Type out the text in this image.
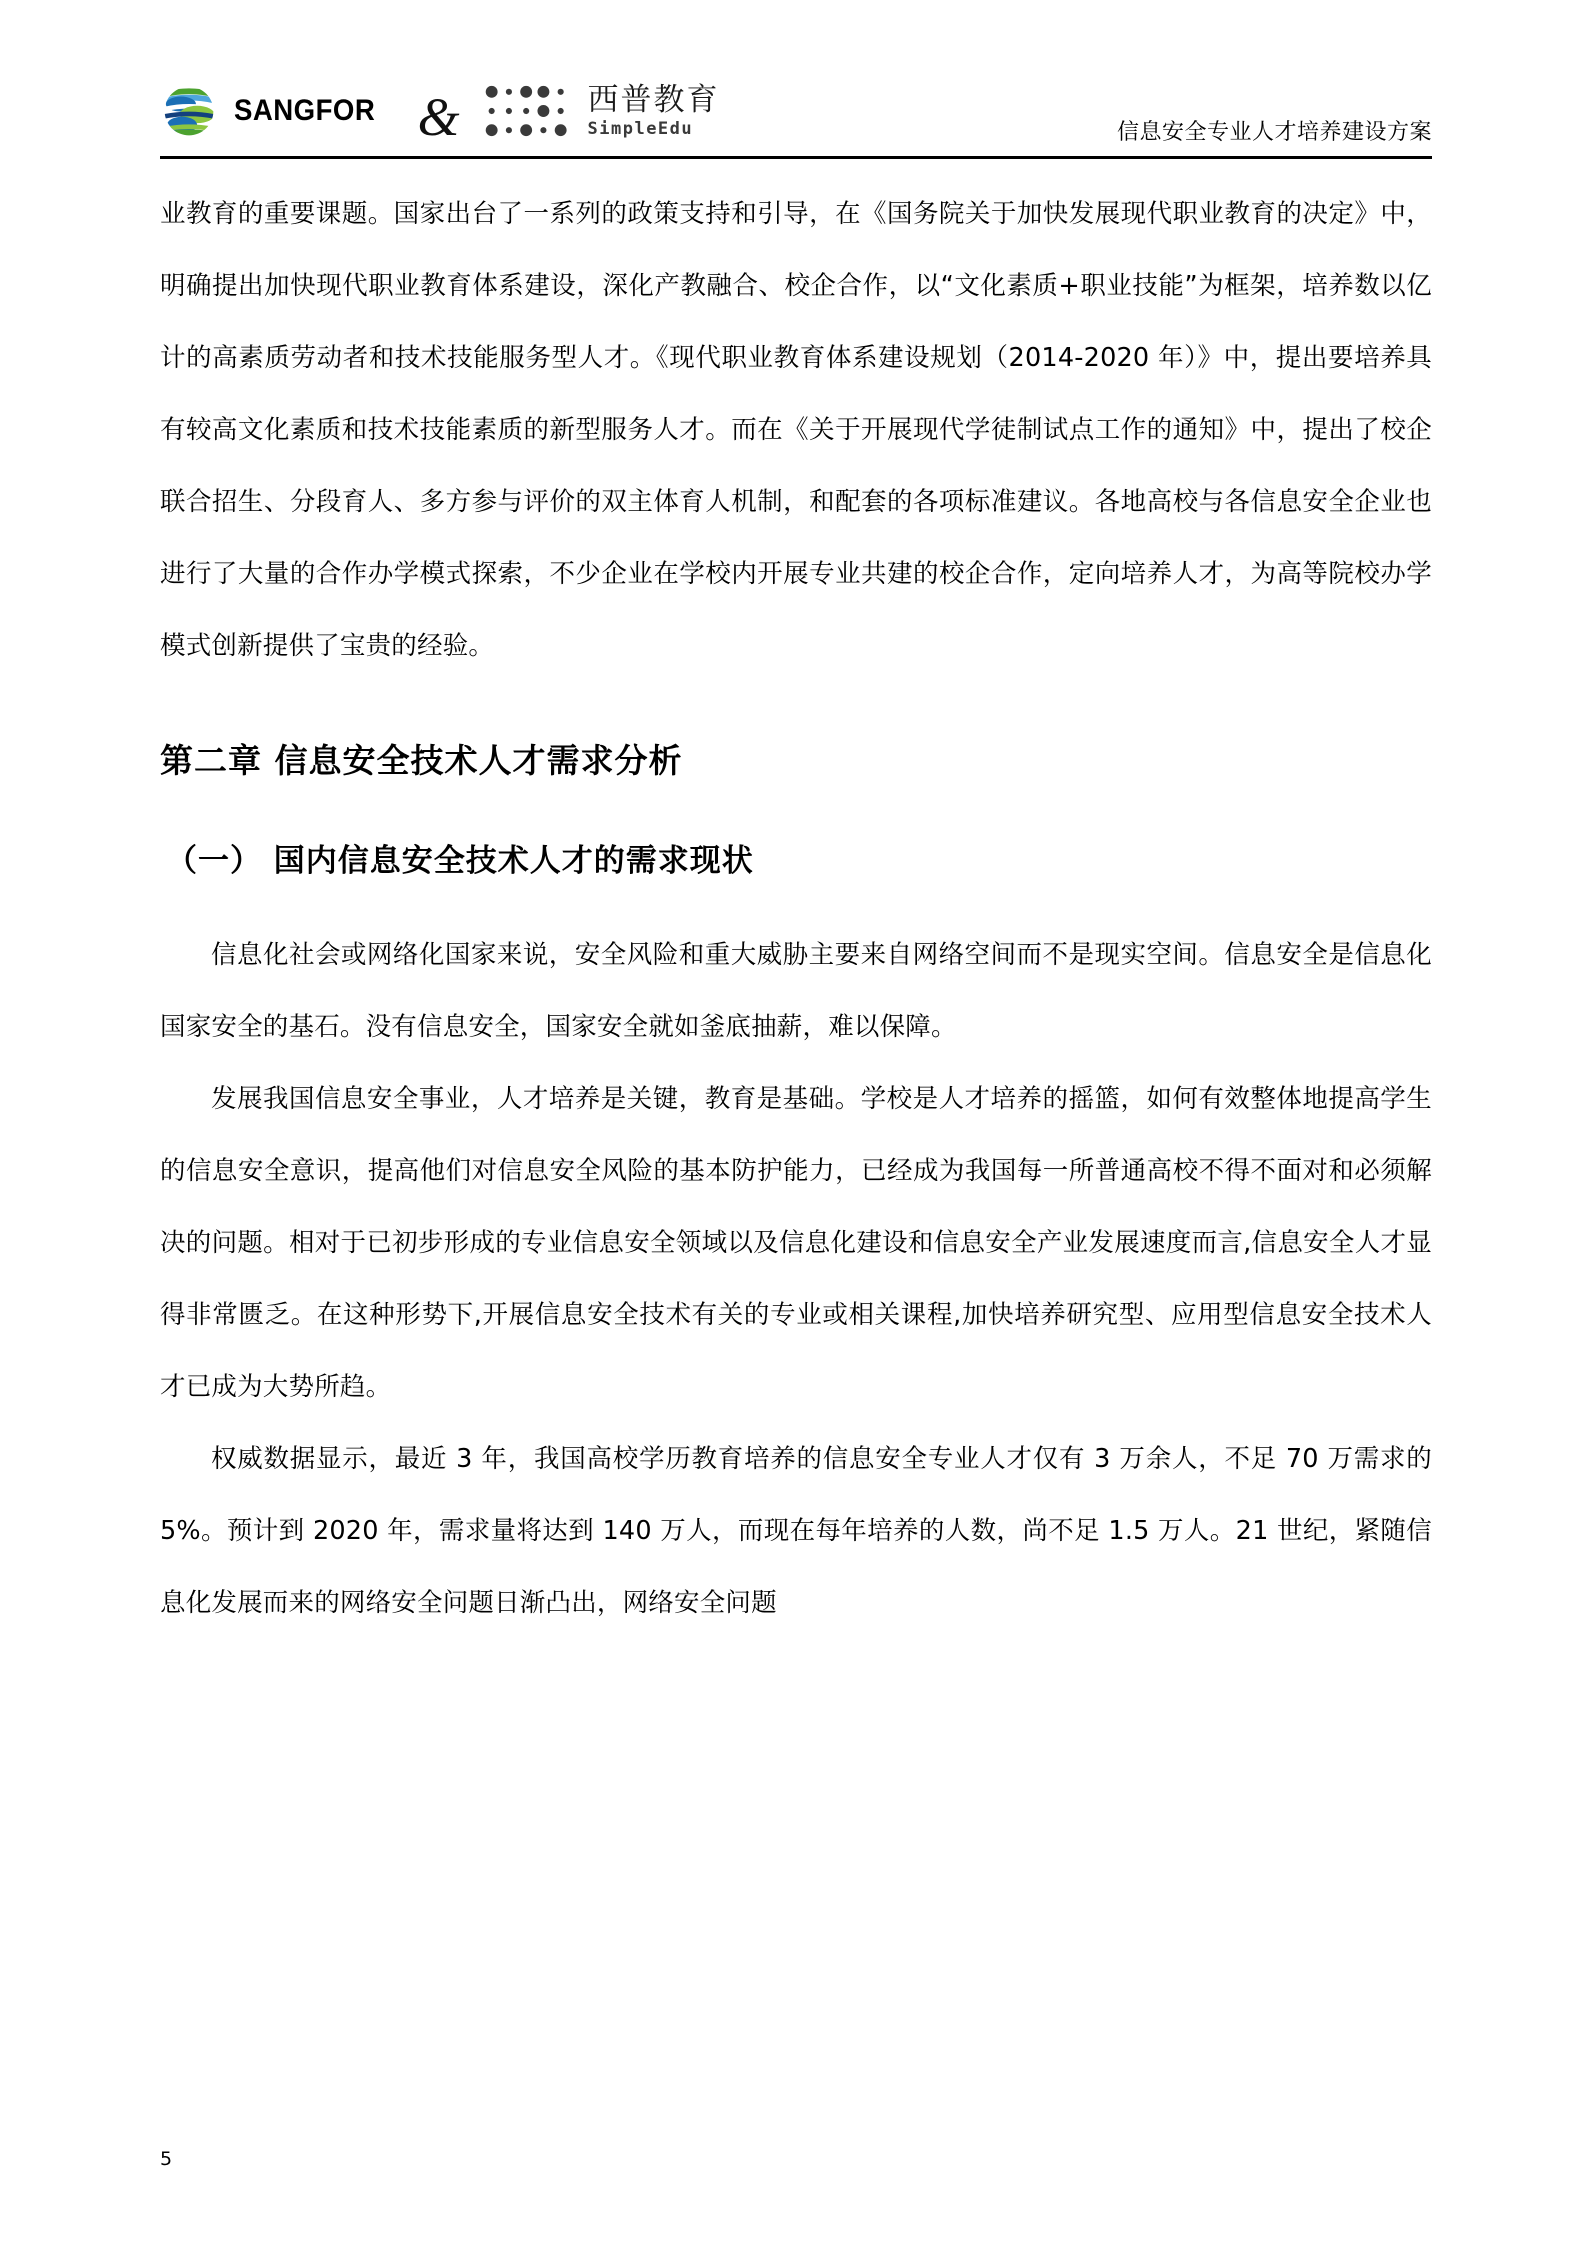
SANGFOR &	西普教育
SimpleEdu	信息安全专业人才培养建设方案

业教育的重要课题。国家出台了一系列的政策支持和引导，在《国务院关于加快发展现代职业教育的决定》中，明确提出加快现代职业教育体系建设，深化产教融合、校企合作，以“文化素质+职业技能”为框架，培养数以亿计的高素质劳动者和技术技能服务型人才。《现代职业教育体系建设规划（2014-2020 年）》中，提出要培养具有较高文化素质和技术技能素质的新型服务人才。而在《关于开展现代学徒制试点工作的通知》中，提出了校企联合招生、分段育人、多方参与评价的双主体育人机制，和配套的各项标准建议。各地高校与各信息安全企业也进行了大量的合作办学模式探索，不少企业在学校内开展专业共建的校企合作，定向培养人才，为高等院校办学模式创新提供了宝贵的经验。

第二章 信息安全技术人才需求分析
（一） 国内信息安全技术人才的需求现状

信息化社会或网络化国家来说，安全风险和重大威胁主要来自网络空间而不是现实空间。信息安全是信息化国家安全的基石。没有信息安全，国家安全就如釜底抽薪，难以保障。

发展我国信息安全事业，人才培养是关键，教育是基础。学校是人才培养的摇篮，如何有效整体地提高学生的信息安全意识，提高他们对信息安全风险的基本防护能力，已经成为我国每一所普通高校不得不面对和必须解决的问题。相对于已初步形成的专业信息安全领域以及信息化建设和信息安全产业发展速度而言,信息安全人才显得非常匮乏。在这种形势下,开展信息安全技术有关的专业或相关课程,加快培养研究型、应用型信息安全技术人才已成为大势所趋。

权威数据显示，最近 3 年，我国高校学历教育培养的信息安全专业人才仅有 3 万余人，不足 70 万需求的 5%。预计到 2020 年，需求量将达到 140 万人，而现在每年培养的人数，尚不足 1.5 万人。21 世纪，紧随信息化发展而来的网络安全问题日渐凸出，网络安全问题

5
